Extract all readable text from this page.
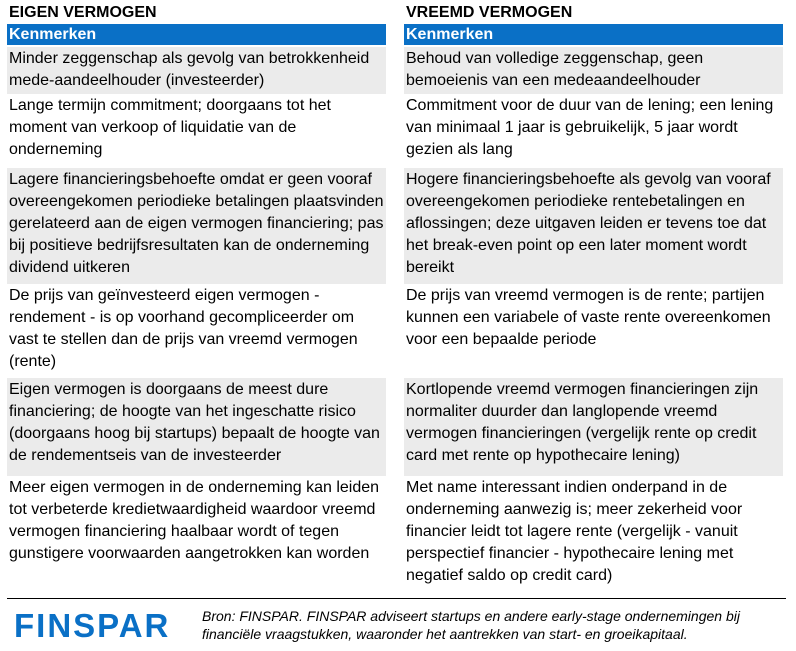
EIGEN VERMOGEN
Kenmerken
Minder zeggenschap als gevolg van betrokkenheid mede-aandeelhouder (investeerder)
Lange termijn commitment; doorgaans tot het moment van verkoop of liquidatie van de onderneming
Lagere financieringsbehoefte omdat er geen vooraf overeengekomen periodieke betalingen plaatsvinden gerelateerd aan de eigen vermogen financiering; pas bij positieve bedrijfsresultaten kan de onderneming dividend uitkeren
De prijs van geïnvesteerd eigen vermogen - rendement - is op voorhand gecompliceerder om vast te stellen dan de prijs van vreemd vermogen (rente)
Eigen vermogen is doorgaans de meest dure financiering; de hoogte van het ingeschatte risico (doorgaans hoog bij startups) bepaalt de hoogte van de rendementseis van de investeerder
Meer eigen vermogen in de onderneming kan leiden tot verbeterde kredietwaardigheid waardoor vreemd vermogen financiering haalbaar wordt of tegen gunstigere voorwaarden aangetrokken kan worden
VREEMD VERMOGEN
Kenmerken
Behoud van volledige zeggenschap, geen bemoeienis van een medeaandeelhouder
Commitment voor de duur van de lening; een lening van minimaal 1 jaar is gebruikelijk, 5 jaar wordt gezien als lang
Hogere financieringsbehoefte als gevolg van vooraf overeengekomen periodieke rentebetalingen en aflossingen; deze uitgaven leiden er tevens toe dat het break-even point op een later moment wordt bereikt
De prijs van vreemd vermogen is de rente; partijen kunnen een variabele of vaste rente overeenkomen voor een bepaalde periode
Kortlopende vreemd vermogen financieringen zijn normaliter duurder dan langlopende vreemd vermogen financieringen (vergelijk rente op credit card met rente op hypothecaire lening)
Met name interessant indien onderpand in de onderneming aanwezig is; meer zekerheid voor financier leidt tot lagere rente (vergelijk - vanuit perspectief financier - hypothecaire lening met negatief saldo op credit card)
FINSPAR Bron: FINSPAR. FINSPAR adviseert startups en andere early-stage ondernemingen bij financiële vraagstukken, waaronder het aantrekken van start- en groeikapitaal.
